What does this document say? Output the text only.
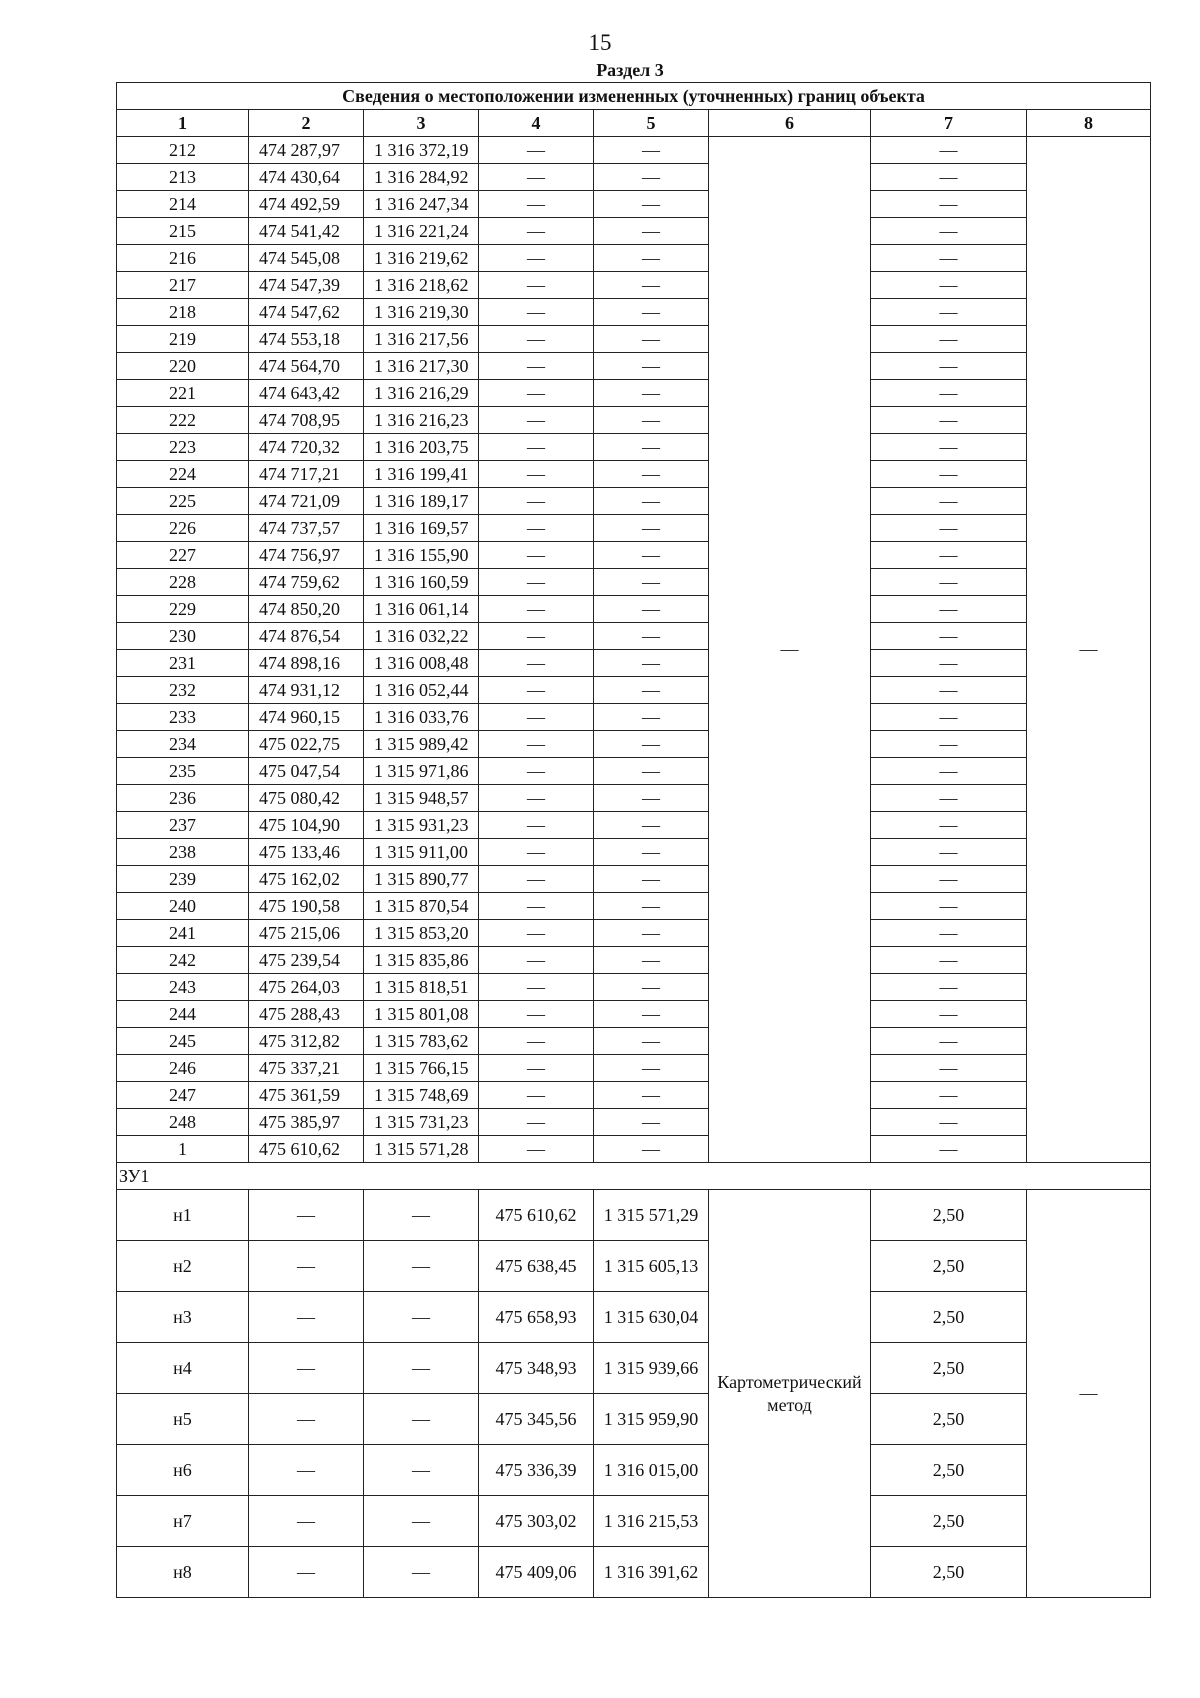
15
Раздел 3
Сведения о местоположении измененных (уточненных) границ объекта							
1	2	3	4	5	6	7	8
212	474 287,97	1 316 372,19	—	—	—	—	—
213	474 430,64	1 316 284,92	—	—		—	
214	474 492,59	1 316 247,34	—	—		—	
215	474 541,42	1 316 221,24	—	—		—	
216	474 545,08	1 316 219,62	—	—		—	
217	474 547,39	1 316 218,62	—	—		—	
218	474 547,62	1 316 219,30	—	—		—	
219	474 553,18	1 316 217,56	—	—		—	
220	474 564,70	1 316 217,30	—	—		—	
221	474 643,42	1 316 216,29	—	—		—	
222	474 708,95	1 316 216,23	—	—		—	
223	474 720,32	1 316 203,75	—	—		—	
224	474 717,21	1 316 199,41	—	—		—	
225	474 721,09	1 316 189,17	—	—		—	
226	474 737,57	1 316 169,57	—	—		—	
227	474 756,97	1 316 155,90	—	—		—	
228	474 759,62	1 316 160,59	—	—		—	
229	474 850,20	1 316 061,14	—	—		—	
230	474 876,54	1 316 032,22	—	—		—	
231	474 898,16	1 316 008,48	—	—		—	
232	474 931,12	1 316 052,44	—	—		—	
233	474 960,15	1 316 033,76	—	—		—	
234	475 022,75	1 315 989,42	—	—		—	
235	475 047,54	1 315 971,86	—	—		—	
236	475 080,42	1 315 948,57	—	—		—	
237	475 104,90	1 315 931,23	—	—		—	
238	475 133,46	1 315 911,00	—	—		—	
239	475 162,02	1 315 890,77	—	—		—	
240	475 190,58	1 315 870,54	—	—		—	
241	475 215,06	1 315 853,20	—	—		—	
242	475 239,54	1 315 835,86	—	—		—	
243	475 264,03	1 315 818,51	—	—		—	
244	475 288,43	1 315 801,08	—	—		—	
245	475 312,82	1 315 783,62	—	—		—	
246	475 337,21	1 315 766,15	—	—		—	
247	475 361,59	1 315 748,69	—	—		—	
248	475 385,97	1 315 731,23	—	—		—	
1	475 610,62	1 315 571,28	—	—		—	
ЗУ1							
н1	—	—	475 610,62	1 315 571,29	Картометрический метод	2,50	—
н2	—	—	475 638,45	1 315 605,13		2,50	
н3	—	—	475 658,93	1 315 630,04		2,50	
н4	—	—	475 348,93	1 315 939,66		2,50	
н5	—	—	475 345,56	1 315 959,90		2,50	
н6	—	—	475 336,39	1 316 015,00		2,50	
н7	—	—	475 303,02	1 316 215,53		2,50	
н8	—	—	475 409,06	1 316 391,62		2,50	
